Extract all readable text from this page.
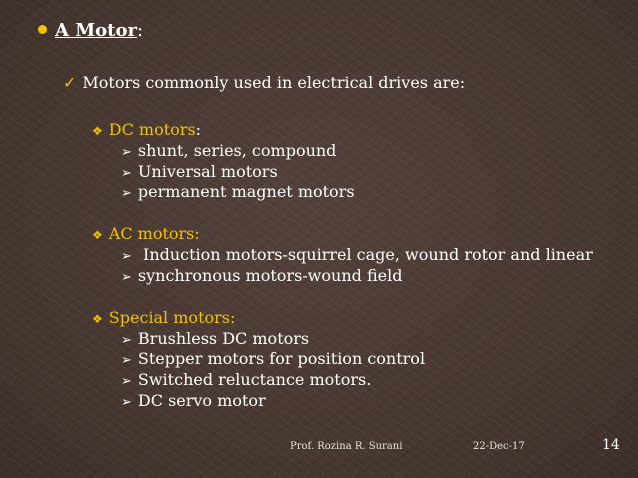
A Motor:
✓ Motors commonly used in electrical drives are:
❖ DC motors:
➢ shunt, series, compound
➢ Universal motors
➢ permanent magnet motors
❖ AC motors:
➢ Induction motors-squirrel cage, wound rotor and linear
➢ synchronous motors-wound field
❖ Special motors:
➢ Brushless DC motors
➢ Stepper motors for position control
➢ Switched reluctance motors.
➢ DC servo motor
Prof. Rozina R. Surani	22-Dec-17	14
